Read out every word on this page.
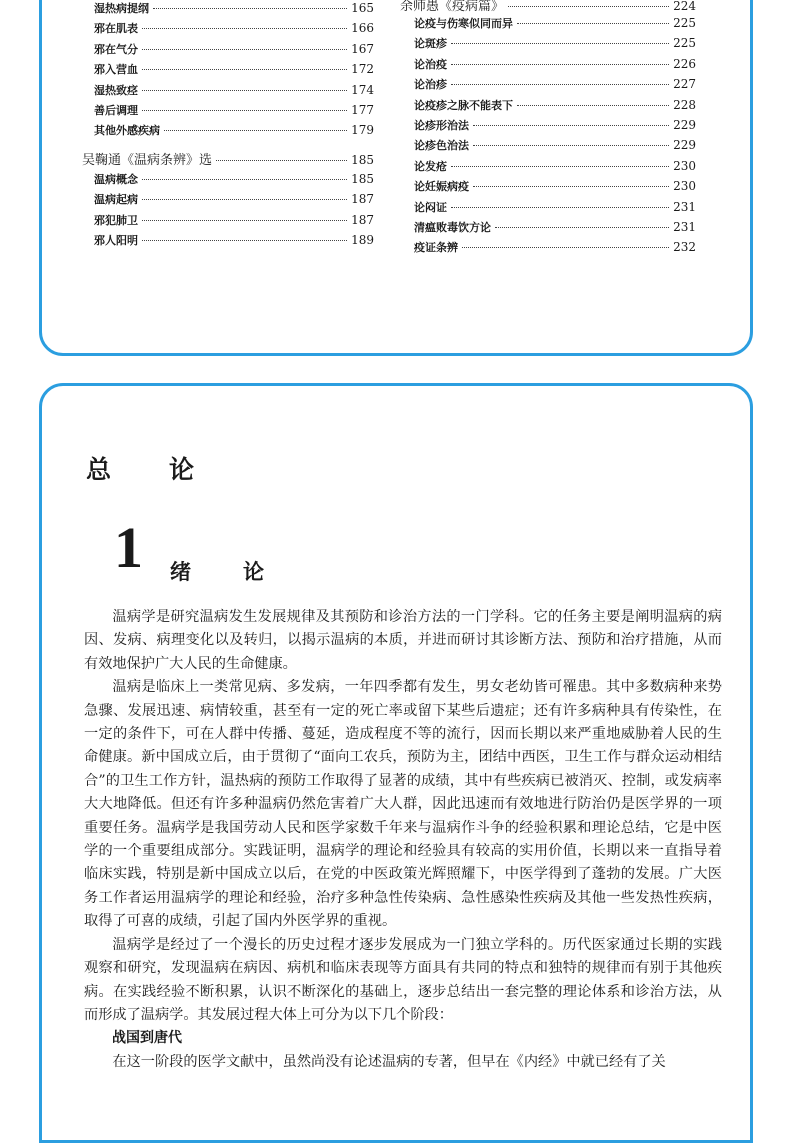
湿热病提纲	165
邪在肌表	166
邪在气分	167
邪入营血	172
湿热致痉	174
善后调理	177
其他外感疾病	179
吴鞠通《温病条辨》选	185
温病概念	185
温病起病	187
邪犯肺卫	187
邪人阳明	189
余师愚《疫病篇》	224
论疫与伤寒似同而异	225
论斑疹	225
论治疫	226
论治疹	227
论疫疹之脉不能表下	228
论疹形治法	229
论疹色治法	229
论发疮	230
论妊娠病疫	230
论闷证	231
清瘟败毒饮方论	231
疫证条辨	232
总 论
1 绪 论

温病学是研究温病发生发展规律及其预防和诊治方法的一门学科。它的任务主要是阐明温病的病因、发病、病理变化以及转归，以揭示温病的本质，并进而研讨其诊断方法、预防和治疗措施，从而有效地保护广大人民的生命健康。

温病是临床上一类常见病、多发病，一年四季都有发生，男女老幼皆可罹患。其中多数病种来势急骤、发展迅速、病情较重，甚至有一定的死亡率或留下某些后遗症；还有许多病种具有传染性，在一定的条件下，可在人群中传播、蔓延，造成程度不等的流行，因而长期以来严重地威胁着人民的生命健康。新中国成立后，由于贯彻了“面向工农兵，预防为主，团结中西医，卫生工作与群众运动相结合”的卫生工作方针，温热病的预防工作取得了显著的成绩，其中有些疾病已被消灭、控制，或发病率大大地降低。但还有许多种温病仍然危害着广大人群，因此迅速而有效地进行防治仍是医学界的一项重要任务。温病学是我国劳动人民和医学家数千年来与温病作斗争的经验积累和理论总结，它是中医学的一个重要组成部分。实践证明，温病学的理论和经验具有较高的实用价值，长期以来一直指导着临床实践，特别是新中国成立以后，在党的中医政策光辉照耀下，中医学得到了蓬勃的发展。广大医务工作者运用温病学的理论和经验，治疗多种急性传染病、急性感染性疾病及其他一些发热性疾病，取得了可喜的成绩，引起了国内外医学界的重视。

温病学是经过了一个漫长的历史过程才逐步发展成为一门独立学科的。历代医家通过长期的实践观察和研究，发现温病在病因、病机和临床表现等方面具有共同的特点和独特的规律而有别于其他疾病。在实践经验不断积累，认识不断深化的基础上，逐步总结出一套完整的理论体系和诊治方法，从而形成了温病学。其发展过程大体上可分为以下几个阶段：

战国到唐代

在这一阶段的医学文献中，虽然尚没有论述温病的专著，但早在《内经》中就已经有了关
